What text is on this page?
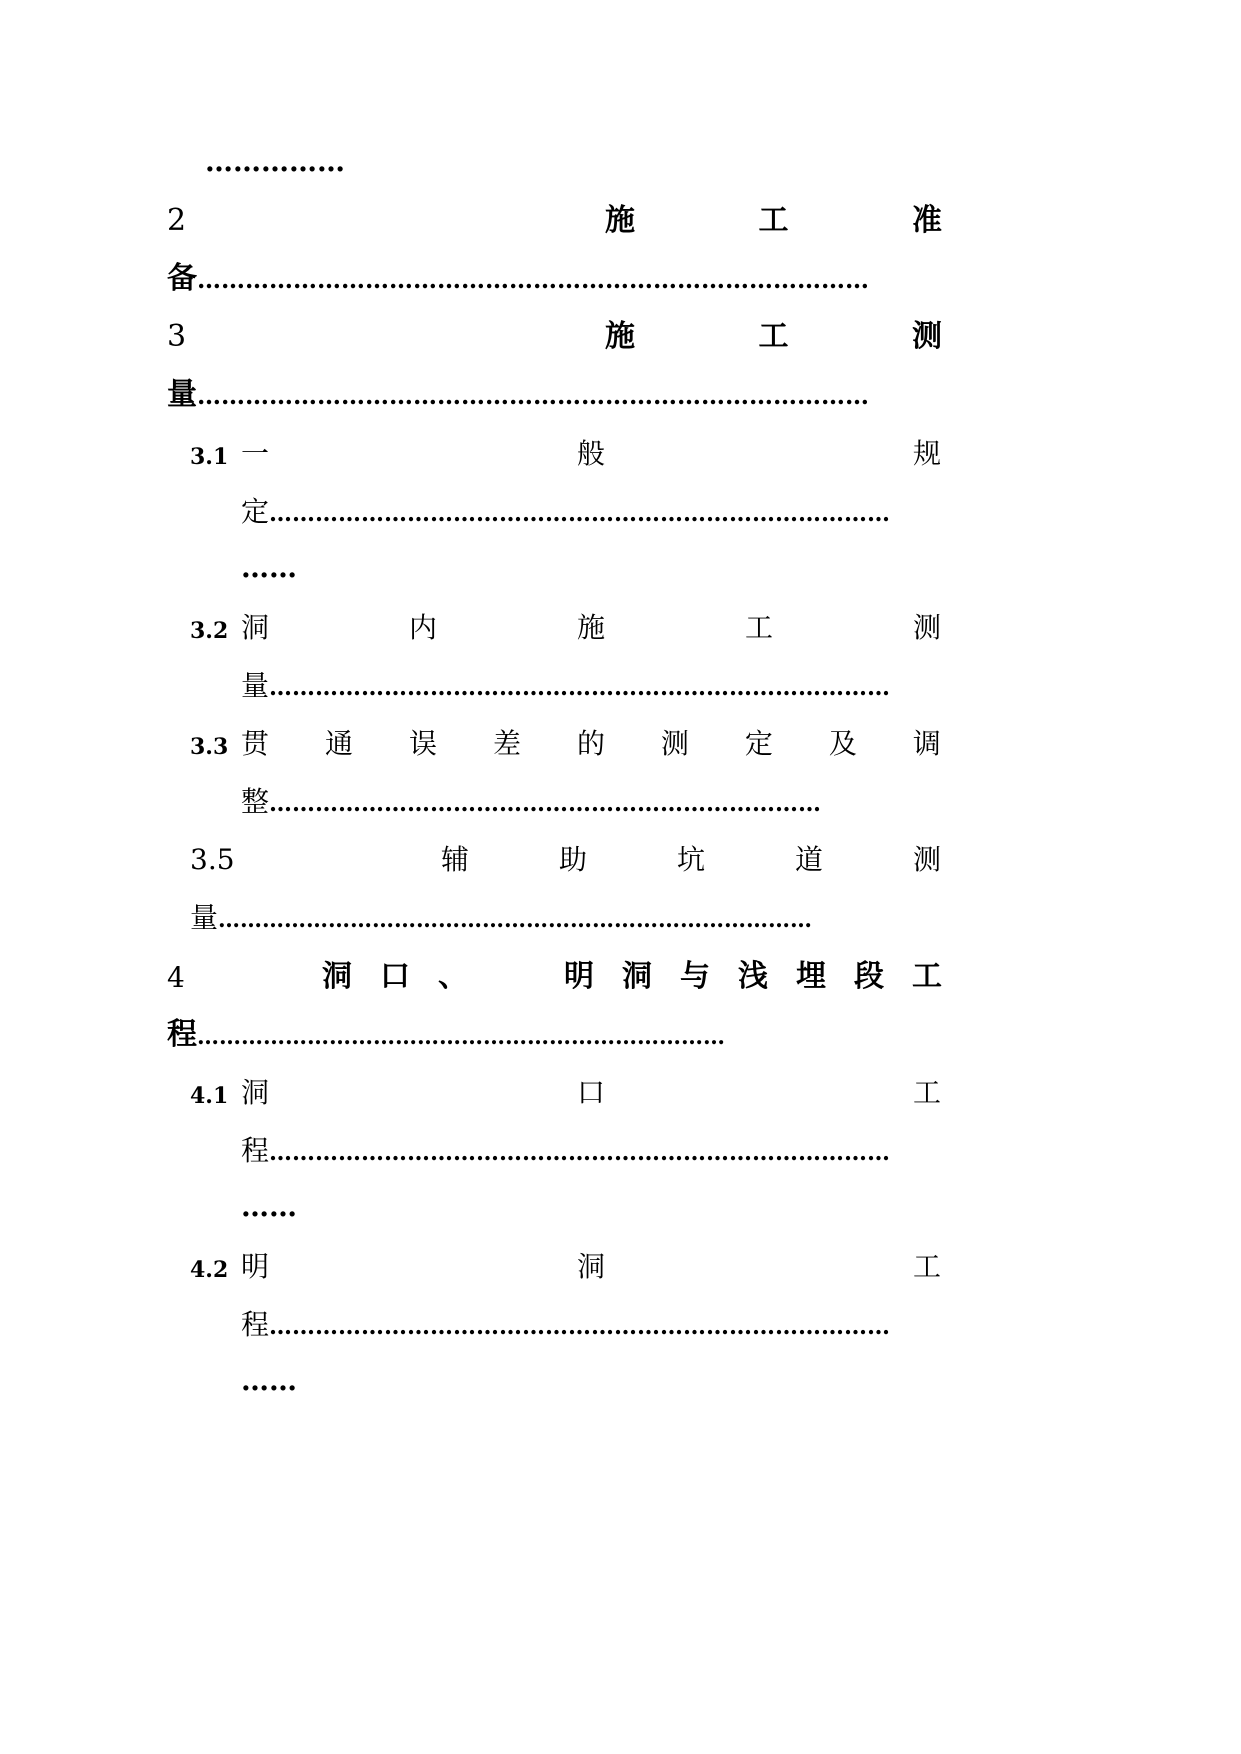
……………
2	施	工	准
备…………………………………………………………………………
3	施	工	测
量…………………………………………………………………………
3.1 一	般	规
定………………………………………………………………………
……
3.2 洞	内	施	工	测
量………………………………………………………………………
3.3 贯 通 误 差 的 测 定 及 调
整………………………………………………………………
3.5	辅	助	坑	道	测
量………………………………………………………………………
4	洞 口 、	明 洞 与 浅 埋 段 工
程………………………………………………………………
4.1 洞	口	工
程………………………………………………………………………
……
4.2 明	洞	工
程………………………………………………………………………
……
